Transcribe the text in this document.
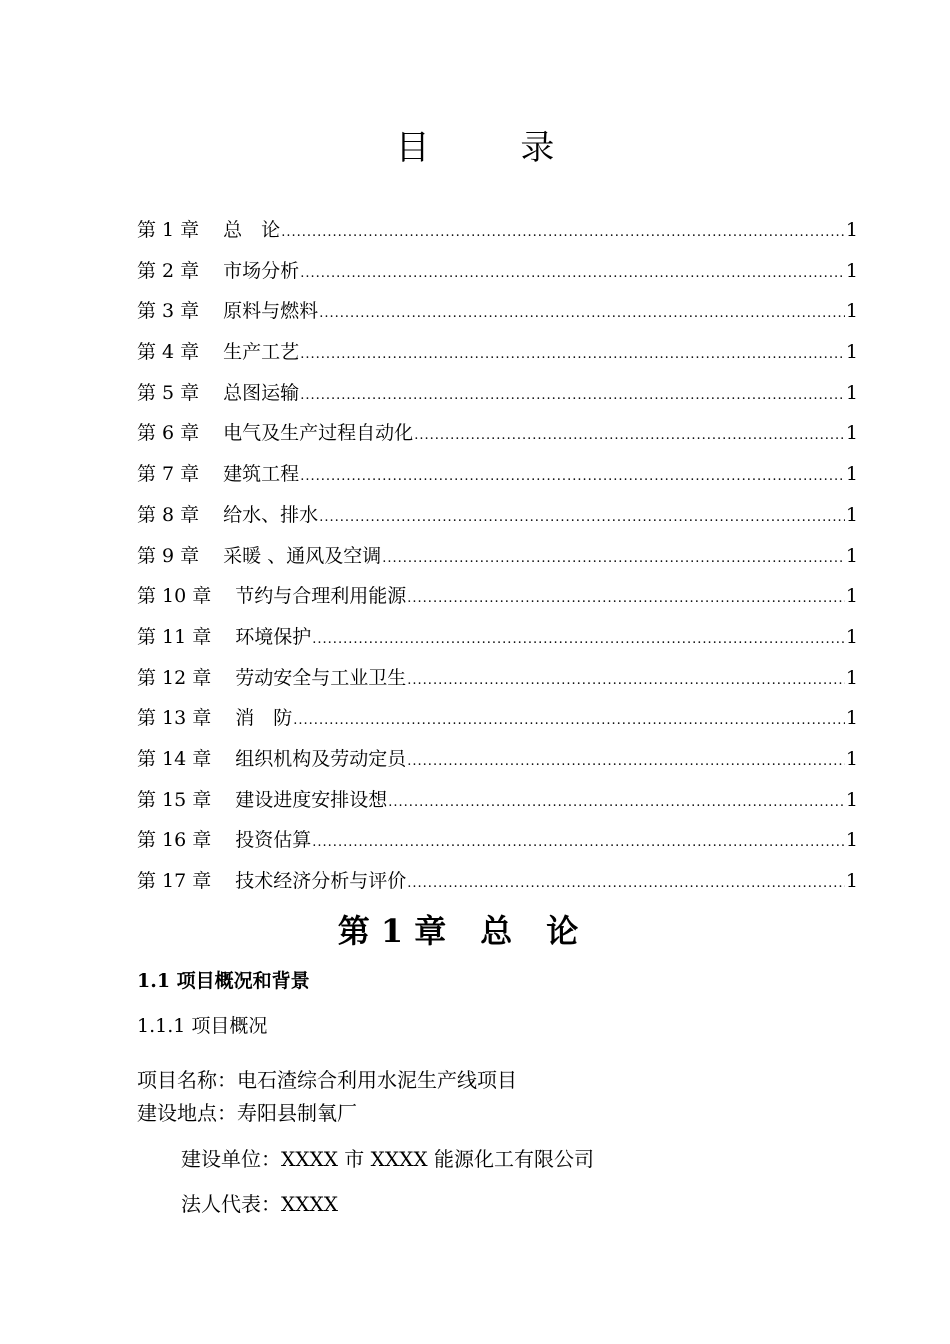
目 录
第 1 章 总　论 .....	1
第 2 章 市场分析 .....	1
第 3 章 原料与燃料 .....	1
第 4 章 生产工艺 .....	1
第 5 章 总图运输 .....	1
第 6 章 电气及生产过程自动化 .....	1
第 7 章 建筑工程 .....	1
第 8 章 给水、排水 .....	1
第 9 章 采暖 、通风及空调 .....	1
第 10 章 节约与合理利用能源 .....	1
第 11 章 环境保护 .....	1
第 12 章 劳动安全与工业卫生 .....	1
第 13 章 消　防 .....	1
第 14 章 组织机构及劳动定员 .....	1
第 15 章 建设进度安排设想 .....	1
第 16 章 投资估算 .....	1
第 17 章 技术经济分析与评价 .....	1
第 1 章 总论
1.1 项目概况和背景
1.1.1 项目概况
项目名称：电石渣综合利用水泥生产线项目
建设地点：寿阳县制氧厂
建设单位：XXXX 市 XXXX 能源化工有限公司
法人代表：XXXX
